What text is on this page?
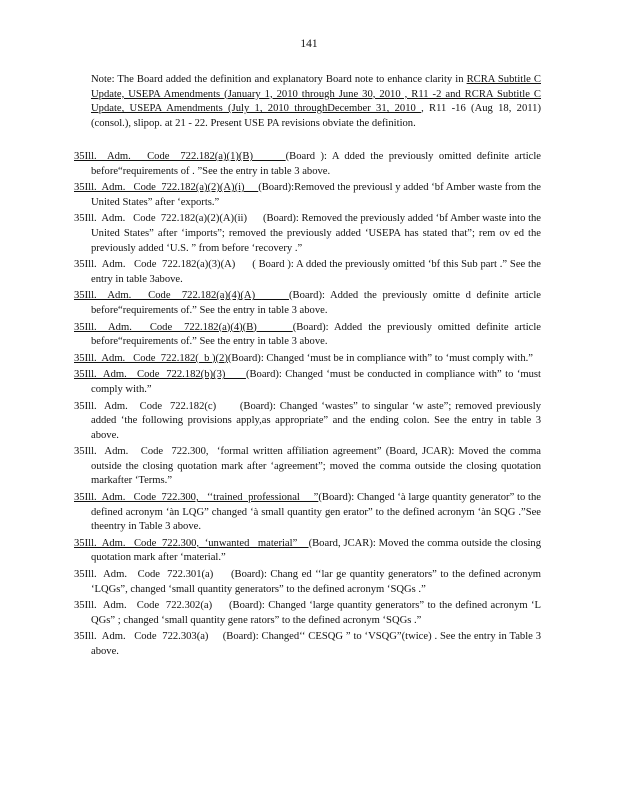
141

Note: The Board added the definition and explanatory Board note to enhance clarity in RCRA Subtitle C Update, USEPA Amendments (January 1, 2010 through June 30, 2010 , R11 -2 and RCRA Subtitle C Update, USEPA Amendments (July 1, 2010 throughDecember 31, 2010 , R11 -16 (Aug 18, 2011) (consol.), slipop. at 21 - 22. Present USE PA revisions obviate the definition.

35Ill.  Adm.   Code  722.182(a)(1)(B)      (Board ): A dded the previously omitted definite article before“requirements of . ”See the entry in table 3 above.
35Ill.  Adm.   Code  722.182(a)(2)(A)(i)     (Board):Removed the previousl y added ‘bf Amber waste from the United States” after ‘exports.”
35Ill.  Adm.   Code  722.182(a)(2)(A)(ii)      (Board): Removed the previously added ‘bf Amber waste into the United States” after ‘imports”; removed the previously added ‘USEPA has stated that”; rem ov ed the previously added ‘U.S. ” from before ‘recovery .”
35Ill.  Adm.   Code  722.182(a)(3)(A)      ( Board ): A dded the previously omitted ‘bf this Sub part .” See the entry in table 3above.
35Ill.  Adm.   Code  722.182(a)(4)(A)      (Board): Added the previously omitte d definite article before“requirements of.” See the entry in table 3 above.
35Ill.  Adm.   Code  722.182(a)(4)(B)      (Board): Added the previously omitted definite article before“requirements of.” See the entry in table 3 above.
35Ill.  Adm.   Code  722.182(  b )(2)(Board): Changed ‘must be in compliance with” to ‘must comply with.”
35Ill.  Adm.   Code  722.182(b)(3)      (Board): Changed ‘must be conducted in compliance with” to ‘must comply with.”
35Ill.  Adm.   Code  722.182(c)      (Board): Changed ‘wastes” to singular ‘w aste”; removed previously added ‘the following provisions apply,as appropriate” and the ending colon. See the entry in table 3 above.
35Ill.  Adm.   Code  722.300,  ‘formal written affiliation agreement” (Board, JCAR): Moved the comma outside the closing quotation mark after ‘agreement”; moved the comma outside the closing quotation markafter ‘Terms.”
35Ill.  Adm.   Code  722.300,   ‘‘trained  professional     ”(Board): Changed ‘à large quantity generator” to the defined acronym ‘àn LQG” changed ‘à small quantity gen erator” to the defined acronym ‘àn SQG .”See theentry in Table 3 above.
35Ill.  Adm.   Code  722.300,  ‘unwanted   material”    (Board, JCAR): Moved the comma outside the closing quotation mark after ‘material.”
35Ill.  Adm.   Code  722.301(a)     (Board): Chang ed ‘‘lar ge quantity generators” to the defined acronym ‘LQGs”, changed ‘small quantity generators” to the defined acronym ‘SQGs .”
35Ill.  Adm.   Code  722.302(a)     (Board): Changed ‘large quantity generators” to the defined acronym ‘L QGs” ; changed ‘small quantity gene rators” to the defined acronym ‘SQGs .”
35Ill.  Adm.   Code  722.303(a)     (Board): Changed‘‘ CESQG ” to ‘VSQG”(twice) . See the entry in Table 3 above.
